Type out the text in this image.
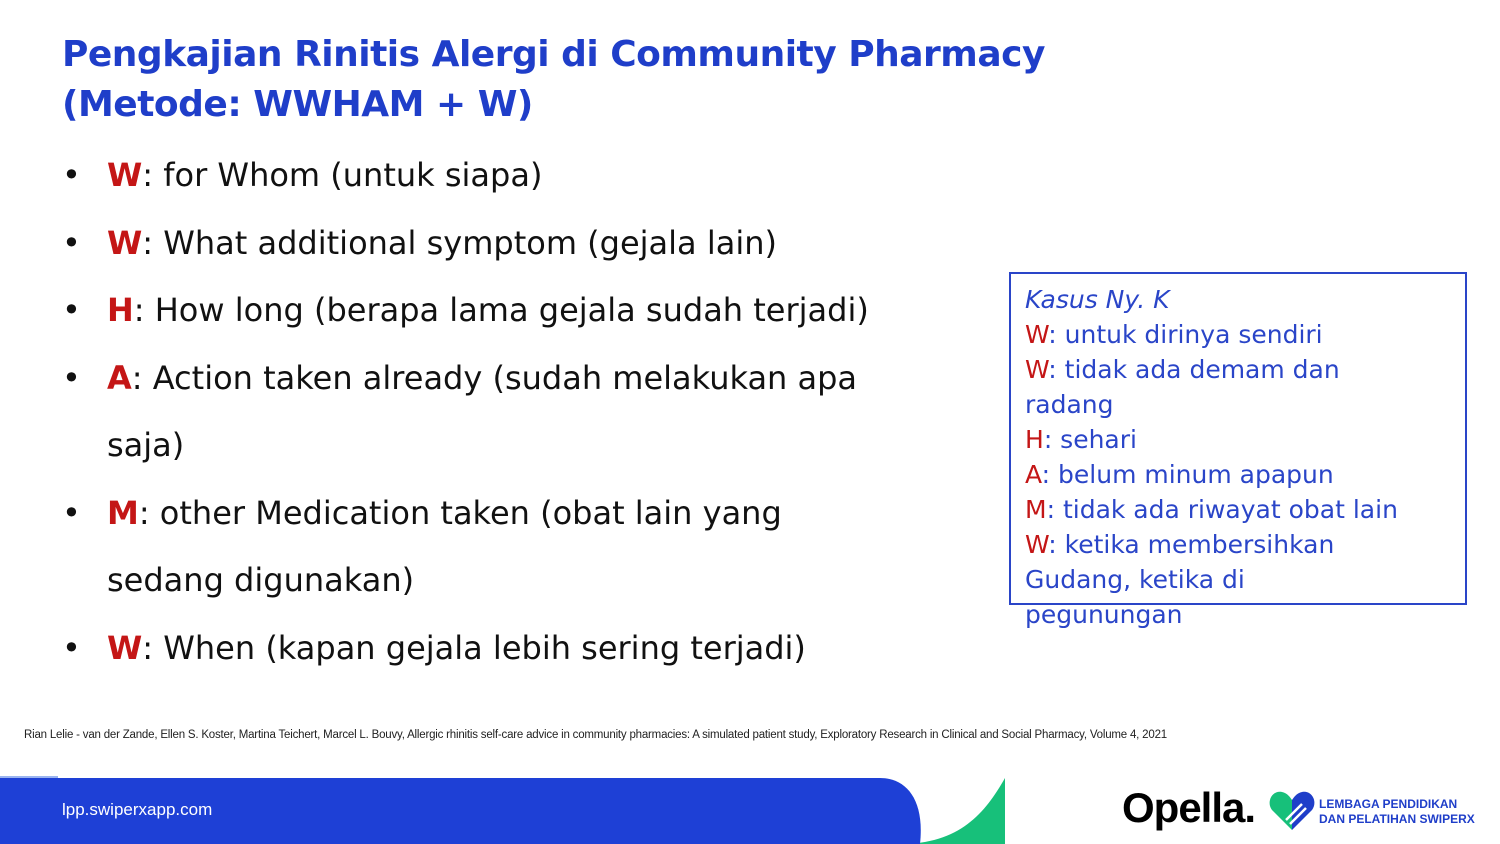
Pengkajian Rinitis Alergi di Community Pharmacy
(Metode: WWHAM + W)
• W: for Whom (untuk siapa)
• W: What additional symptom (gejala lain)
• H: How long (berapa lama gejala sudah terjadi)
• A: Action taken already (sudah melakukan apa saja)
• M: other Medication taken (obat lain yang sedang digunakan)
• W: When (kapan gejala lebih sering terjadi)
Kasus Ny. K
W: untuk dirinya sendiri
W: tidak ada demam dan radang
H: sehari
A: belum minum apapun
M: tidak ada riwayat obat lain
W: ketika membersihkan Gudang, ketika di pegunungan
Rian Lelie - van der Zande, Ellen S. Koster, Martina Teichert, Marcel L. Bouvy, Allergic rhinitis self-care advice in community pharmacies: A simulated patient study, Exploratory Research in Clinical and Social Pharmacy, Volume 4, 2021
lpp.swiperxapp.com	Opella.	LEMBAGA PENDIDIKAN
DAN PELATIHAN SWIPERX
